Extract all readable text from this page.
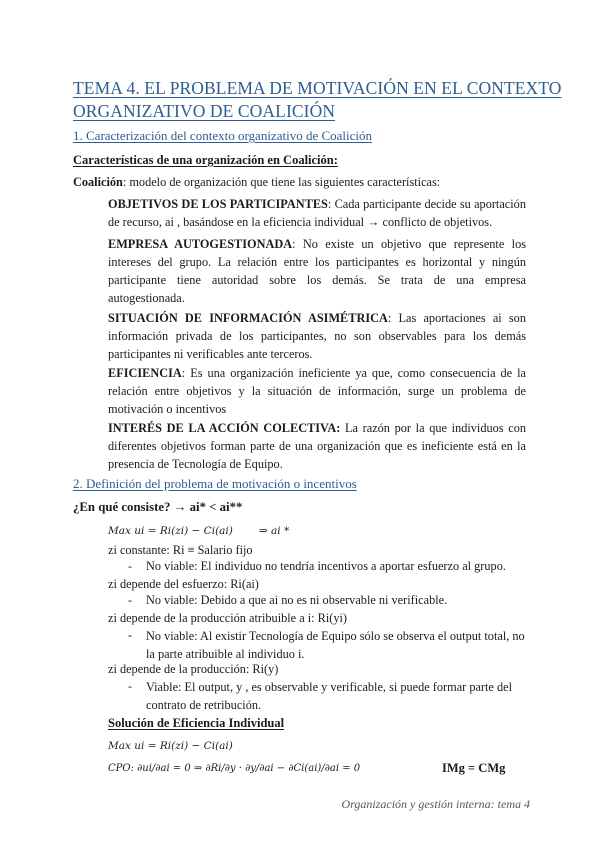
TEMA 4. EL PROBLEMA DE MOTIVACIÓN EN EL CONTEXTO
ORGANIZATIVO DE COALICIÓN
1. Caracterización del contexto organizativo de Coalición
Características de una organización en Coalición:
Coalición: modelo de organización que tiene las siguientes características:
OBJETIVOS DE LOS PARTICIPANTES: Cada participante decide su aportación de recurso, ai , basándose en la eficiencia individual → conflicto de objetivos.
EMPRESA AUTOGESTIONADA: No existe un objetivo que represente los intereses del grupo. La relación entre los participantes es horizontal y ningún participante tiene autoridad sobre los demás. Se trata de una empresa autogestionada.
SITUACIÓN DE INFORMACIÓN ASIMÉTRICA: Las aportaciones ai son información privada de los participantes, no son observables para los demás participantes ni verificables ante terceros.
EFICIENCIA: Es una organización ineficiente ya que, como consecuencia de la relación entre objetivos y la situación de información, surge un problema de motivación o incentivos
INTERÉS DE LA ACCIÓN COLECTIVA: La razón por la que individuos con diferentes objetivos forman parte de una organización que es ineficiente está en la presencia de Tecnología de Equipo.
2. Definición del problema de motivación o incentivos
¿En qué consiste? → ai* < ai**
Max ui = Ri(zi) − Ci(ai) ⇒ ai *
zi constante: Ri ≡ Salario fijo
- No viable: El individuo no tendría incentivos a aportar esfuerzo al grupo.
zi depende del esfuerzo: Ri(ai)
- No viable: Debido a que ai no es ni observable ni verificable.
zi depende de la producción atribuible a i: Ri(yi)
- No viable: Al existir Tecnología de Equipo sólo se observa el output total, no la parte atribuible al individuo i.
zi depende de la producción: Ri(y)
- Viable: El output, y , es observable y verificable, si puede formar parte del contrato de retribución.
Solución de Eficiencia Individual
Max ui = Ri(zi) − Ci(ai)
CPO: ∂ui/∂ai = 0 ⇒ ∂Ri/∂y · ∂y/∂ai − ∂Ci(ai)/∂ai = 0	IMg = CMg
Organización y gestión interna: tema 4
